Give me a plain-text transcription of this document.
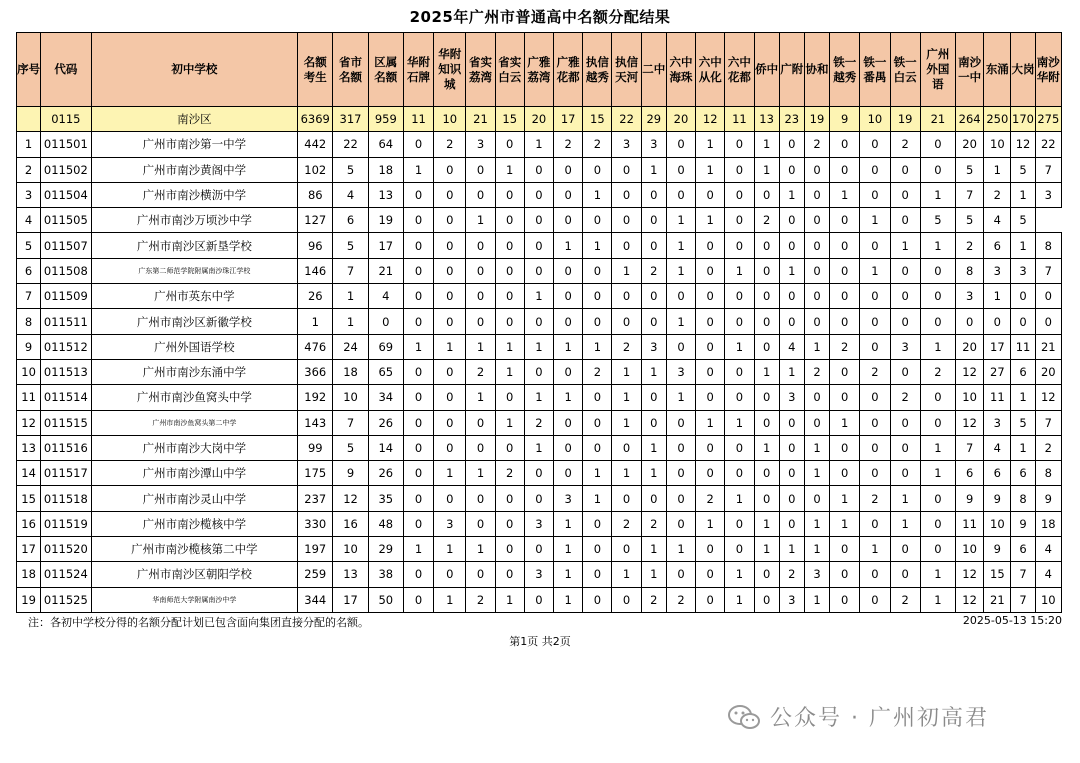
2025年广州市普通高中名额分配结果
序号	代码	初中学校	名额考生	省市名额	区属名额	华附石牌	华附知识城	省实荔湾	省实白云	广雅荔湾	广雅花都	执信越秀	执信天河	二中	六中海珠	六中从化	六中花都	侨中	广附	协和	铁一越秀	铁一番禺	铁一白云	广州外国语	南沙一中	东涌	大岗	南沙华附
	0115	南沙区	6369	317	959	11	10	21	15	20	17	15	22	29	20	12	11	13	23	19	9	10	19	21	264	250	170	275
1	011501	广州市南沙第一中学	442	22	64	0	2	3	0	1	2	2	3	3	0	1	0	1	0	2	0	0	2	0	20	10	12	22
2	011502	广州市南沙黄阁中学	102	5	18	1	0	0	1	0	0	0	0	1	0	1	0	1	0	0	0	0	0	0	5	1	5	7
3	011504	广州市南沙横沥中学	86	4	13	0	0	0	0	0	0	1	0	0	0	0	0	0	1	0	1	0	0	1	7	2	1	3
4	011505	广州市南沙万顷沙中学	127	6	19	0	0	1	0	0	0	0	0	0	1	1	0	2	0	0	0	1	0	5	5	4	5	
5	011507	广州市南沙区新垦学校	96	5	17	0	0	0	0	0	1	1	0	0	1	0	0	0	0	0	0	0	1	1	2	6	1	8
6	011508	广东第二师范学院附属南沙珠江学校	146	7	21	0	0	0	0	0	0	0	1	2	1	0	1	0	1	0	0	1	0	0	8	3	3	7
7	011509	广州市英东中学	26	1	4	0	0	0	0	1	0	0	0	0	0	0	0	0	0	0	0	0	0	0	3	1	0	0
8	011511	广州市南沙区新徽学校	1	1	0	0	0	0	0	0	0	0	0	0	1	0	0	0	0	0	0	0	0	0	0	0	0	0
9	011512	广州外国语学校	476	24	69	1	1	1	1	1	1	1	2	3	0	0	1	0	4	1	2	0	3	1	20	17	11	21
10	011513	广州市南沙东涌中学	366	18	65	0	0	2	1	0	0	2	1	1	3	0	0	1	1	2	0	2	0	2	12	27	6	20
11	011514	广州市南沙鱼窝头中学	192	10	34	0	0	1	0	1	1	0	1	0	1	0	0	0	3	0	0	0	2	0	10	11	1	12
12	011515	广州市南沙鱼窝头第二中学	143	7	26	0	0	0	1	2	0	0	1	0	0	1	1	0	0	0	1	0	0	0	12	3	5	7
13	011516	广州市南沙大岗中学	99	5	14	0	0	0	0	1	0	0	0	1	0	0	0	1	0	1	0	0	0	1	7	4	1	2
14	011517	广州市南沙潭山中学	175	9	26	0	1	1	2	0	0	1	1	1	0	0	0	0	0	1	0	0	0	1	6	6	6	8
15	011518	广州市南沙灵山中学	237	12	35	0	0	0	0	0	3	1	0	0	0	2	1	0	0	0	1	2	1	0	9	9	8	9
16	011519	广州市南沙榄核中学	330	16	48	0	3	0	0	3	1	0	2	2	0	1	0	1	0	1	1	0	1	0	11	10	9	18
17	011520	广州市南沙榄核第二中学	197	10	29	1	1	1	0	0	1	0	0	1	1	0	0	1	1	1	0	1	0	0	10	9	6	4
18	011524	广州市南沙区朝阳学校	259	13	38	0	0	0	0	3	1	0	1	1	0	0	1	0	2	3	0	0	0	1	12	15	7	4
19	011525	华南师范大学附属南沙中学	344	17	50	0	1	2	1	0	1	0	0	2	2	0	1	0	3	1	0	0	2	1	12	21	7	10
注：各初中学校分得的名额分配计划已包含面向集团直接分配的名额。	2025-05-13 15:20
第1页 共2页
公众号 · 广州初高君
